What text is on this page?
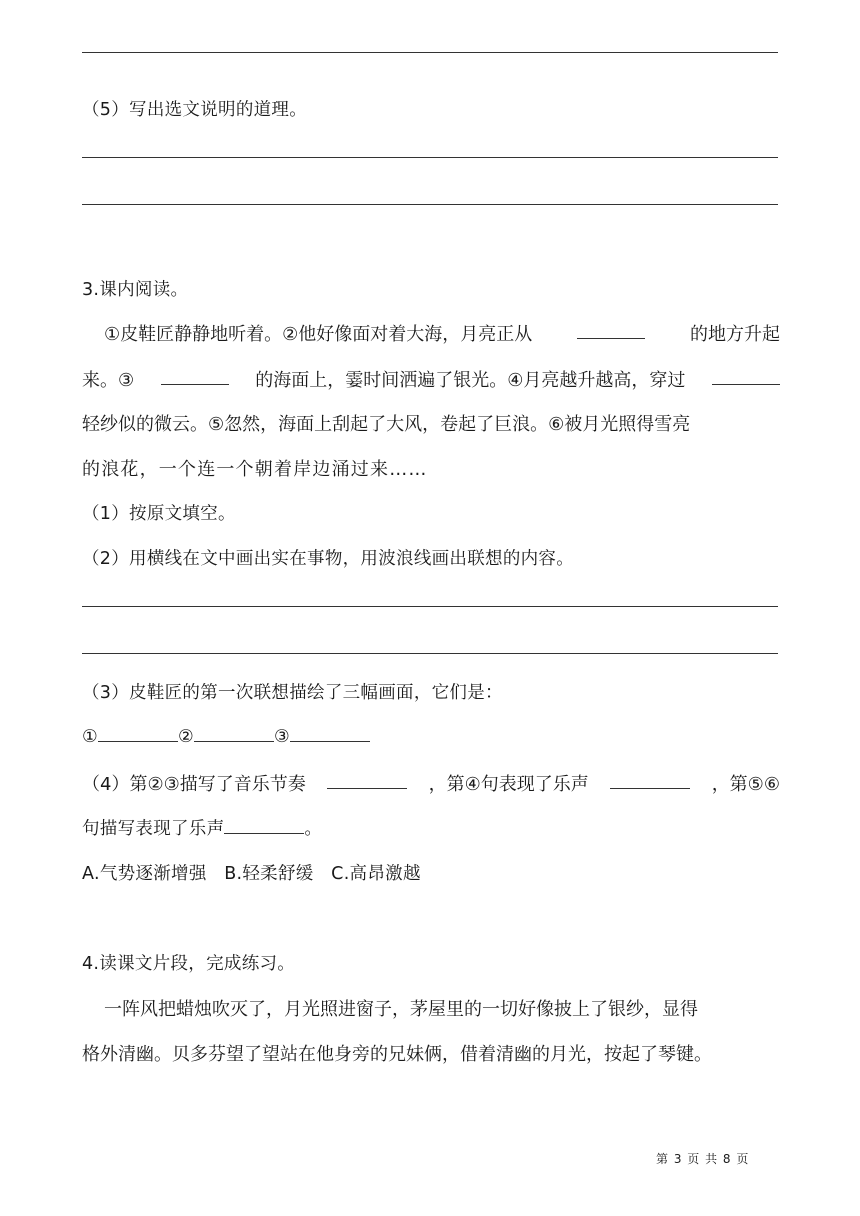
（5）写出选文说明的道理。
3.课内阅读。
①皮鞋匠静静地听着。②他好像面对着大海，月亮正从	的地方升起
来。③	的海面上，霎时间洒遍了银光。④月亮越升越高，穿过
轻纱似的微云。⑤忽然，海面上刮起了大风，卷起了巨浪。⑥被月光照得雪亮
的浪花，一个连一个朝着岸边涌过来……
（1）按原文填空。
（2）用横线在文中画出实在事物，用波浪线画出联想的内容。
（3）皮鞋匠的第一次联想描绘了三幅画面，它们是：
①	②	③
（4）第②③描写了音乐节奏	，第④句表现了乐声	，第⑤⑥
句描写表现了乐声	。
A.气势逐渐增强   B.轻柔舒缓   C.高昂激越
4.读课文片段，完成练习。
一阵风把蜡烛吹灭了，月光照进窗子，茅屋里的一切好像披上了银纱，显得
格外清幽。贝多芬望了望站在他身旁的兄妹俩，借着清幽的月光，按起了琴键。
第 3 页 共 8 页
